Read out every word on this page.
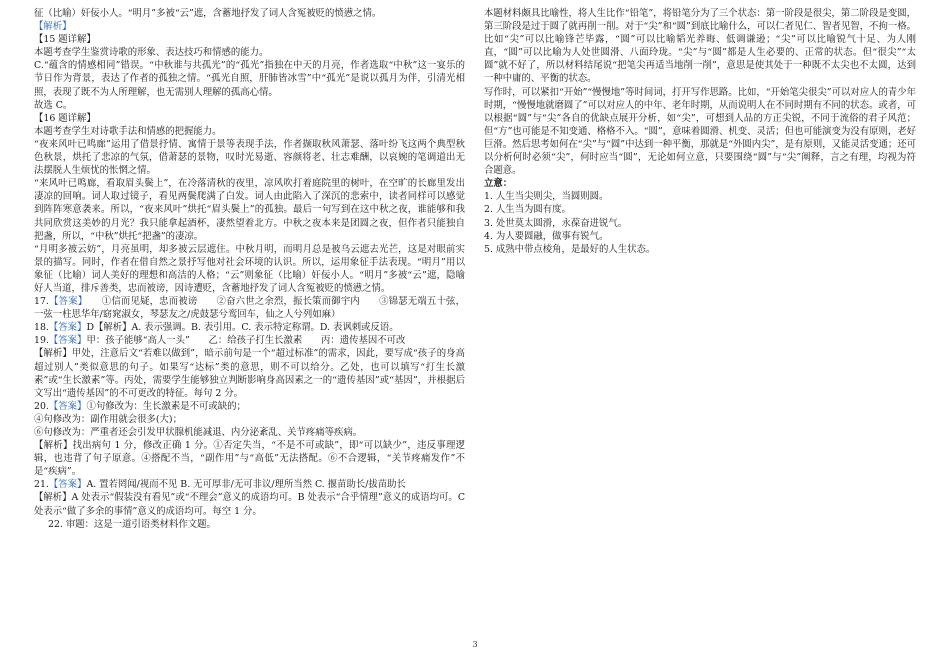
征（比喻）奸佞小人。“明月”多被“云”遮，含蓄地抒发了词人含冤被贬的愤懑之情。

【解析】

【15 题详解】

本题考查学生鉴赏诗歌的形象、表达技巧和情感的能力。

C.“蕴含的情感相同”错误。“中秋谁与共孤光”的“孤光”指独在中天的月亮，作者选取“中秋”这一宴乐的节日作为背景，表达了作者的孤独之情。“孤光自照，肝肺皆冰雪”中“孤光”是说以孤月为伴，引清光相照，表现了既不为人所理解，也无需别人理解的孤高心情。

故选 C。

【16 题详解】

本题考查学生对诗歌手法和情感的把握能力。

“夜来风叶已鸣廊”运用了借景抒情、寓情于景等表现手法，作者撷取秋风萧瑟、落叶纷飞这两个典型秋色秋景，烘托了悲凉的气氛，借萧瑟的景物，叹时光易逝、容颜将老、壮志难酬，以哀婉的笔调道出无法摆脱人生烦忧的怅惘之情。

“来风叶已鸣廊，看取眉头鬓上”，在冷落清秋的夜里，凉风吹打着庭院里的树叶，在空旷的长廊里发出凄凉的回响。词人取过镜子，看见两鬓爬满了白发。词人由此陷入了深沉的悲索中，读者同样可以感觉到阵阵寒意袭来。所以，“夜来风叶”烘托“眉头鬓上”的孤独。最后一句写到在这中秋之夜，谁能够和我共同欣赏这美妙的月光？我只能拿起酒杯，凄然望着北方。中秋之夜本来是团圆之夜，但作者只能独自把盏，所以，“中秋”烘托“把盏”的凄凉。

“月明多被云妨”，月亮虽明，却多被云层遮住。中秋月明，而明月总是被乌云遮去光芒，这是对眼前实景的描写。同时，作者在借自然之景抒写他对社会环境的认识。所以，运用象征手法表现。“明月”用以象征（比喻）词人美好的理想和高洁的人格；“云”则象征（比喻）奸佞小人。“明月”多被“云”遮，隐喻好人当道，排斥善类，忠而被谤，因诗遭贬，含蓄地抒发了词人含冤被贬的愤懑之情。

17.【答案】　　①信而见疑，忠而被谤　　②奋六世之余烈，振长策而御宇内　　③锦瑟无端五十弦，一弦一柱思华年/窈窕淑女，琴瑟友之/虎鼓瑟兮鸾回车，仙之人兮列如麻）

18.【答案】D【解析】A. 表示强调。B. 表引用。C. 表示特定称谓。D. 表讽刺或反语。

19.【答案】甲：孩子能够“高人一头”　　乙：给孩子打生长激素　　丙：遗传基因不可改

【解析】甲处，注意后文“若难以做到”，暗示前句是一个“超过标准”的需求，因此，要写成“孩子的身高超过别人”类似意思的句子。如果写“达标”类的意思，则不可以给分。乙处，也可以填写“打生长激素”或“生长激素”等。丙处，需要学生能够独立判断影响身高因素之一的“遗传基因”或“基因”，并根据后文写出“遗传基因”的不可更改的特征。每句 2 分。

20.【答案】①句修改为：生长激素是不可或缺的；

④句修改为：副作用就会很多(大)；

⑥句修改为：严重者还会引发甲状腺机能减退、内分泌紊乱、关节疼痛等疾病。

【解析】找出病句 1 分，修改正确 1 分。①否定失当，“不是不可或缺”，即“可以缺少”，违反事理逻辑，也违背了句子原意。④搭配不当，“副作用”与“高低”无法搭配。⑥不合逻辑，“关节疼痛发作”不是“疾病”。

21.【答案】A. 置若罔闻/视而不见 B. 无可厚非/无可非议/理所当然 C. 揠苗助长/拔苗助长

【解析】A 处表示“假装没有看见”或“不理会”意义的成语均可。B 处表示“合乎情理”意义的成语均可。C 处表示“做了多余的事情”意义的成语均可。每空 1 分。

22. 审题：这是一道引语类材料作文题。

本题材料颇具比喻性，将人生比作“铅笔”，将铅笔分为了三个状态：第一阶段是很尖，第二阶段是变圆，第三阶段是过于圆了就再削一削。对于“尖”和“圆”到底比喻什么，可以仁者见仁、智者见智，不拘一格。比如“尖”可以比喻锋芒毕露，“圆”可以比喻韬光养晦、低调谦逊；“尖”可以比喻锐气十足、为人刚直，“圆”可以比喻为人处世圆滑、八面玲珑。“尖”与“圆”都是人生必要的、正常的状态。但“很尖”“太圆”就不好了，所以材料结尾说“把笔尖再适当地削一削”，意思是使其处于一种既不太尖也不太圆，达到一种中庸的、平衡的状态。

写作时，可以紧扣“开始”“慢慢地”等时间词，打开写作思路。比如，“开始笔尖很尖”可以对应人的青少年时期，“慢慢地就磨圆了”可以对应人的中年、老年时期，从而说明人在不同时期有不同的状态。或者，可以根据“圆”与“尖”各自的优缺点展开分析，如“尖”，可想到人品的方正尖锐，不同于流俗的君子风范；但“方”也可能是不知变通、格格不入。“圆”，意味着圆滑、机变、灵活；但也可能演变为没有原则，老好巨滑。然后思考如何在“尖”与“圆”中达到一种平衡，那就是“外圆内尖”，是有原则，又能灵活变通；还可以分析何时必须“尖”，何时应当“圆”，无论如何立意，只要围绕“圆”与“尖”阐释，言之有理，均视为符合题意。

立意：

1. 人生当尖则尖，当圆则圆。

2. 人生当为圆有度。

3. 处世莫太圆滑，永葆奋进锐气。

4. 为人要圆融，做事有锐气。

5. 成熟中带点棱角，是最好的人生状态。

3
